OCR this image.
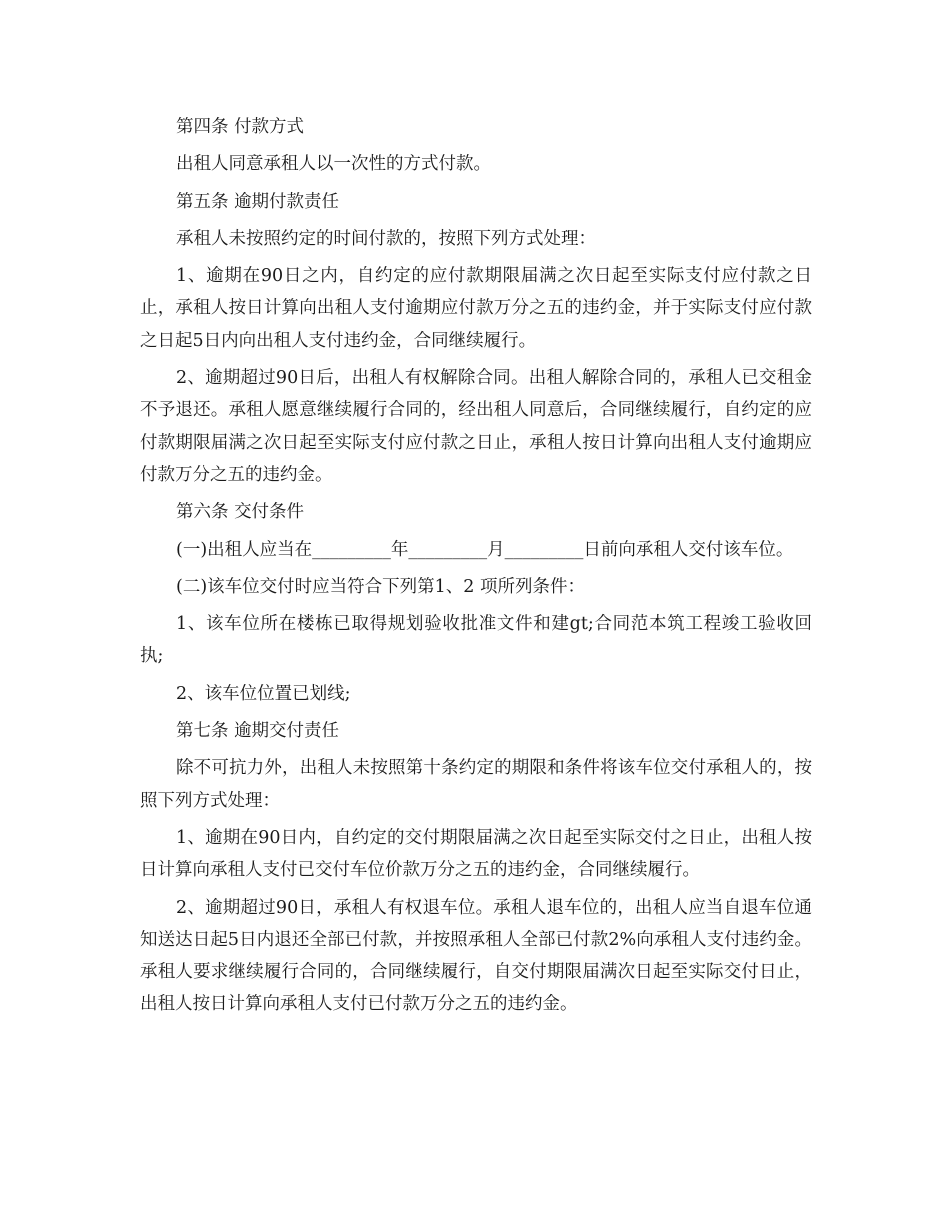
第四条 付款方式

出租人同意承租人以一次性的方式付款。

第五条 逾期付款责任

承租人未按照约定的时间付款的，按照下列方式处理：

1、逾期在90日之内，自约定的应付款期限届满之次日起至实际支付应付款之日止，承租人按日计算向出租人支付逾期应付款万分之五的违约金，并于实际支付应付款之日起5日内向出租人支付违约金，合同继续履行。

2、逾期超过90日后，出租人有权解除合同。出租人解除合同的，承租人已交租金不予退还。承租人愿意继续履行合同的，经出租人同意后，合同继续履行，自约定的应付款期限届满之次日起至实际支付应付款之日止，承租人按日计算向出租人支付逾期应付款万分之五的违约金。

第六条 交付条件

(一)出租人应当在_________年_________月_________日前向承租人交付该车位。

(二)该车位交付时应当符合下列第1、2 项所列条件：

1、该车位所在楼栋已取得规划验收批准文件和建gt;合同范本筑工程竣工验收回执;

2、该车位位置已划线;

第七条 逾期交付责任

除不可抗力外，出租人未按照第十条约定的期限和条件将该车位交付承租人的，按照下列方式处理：

1、逾期在90日内，自约定的交付期限届满之次日起至实际交付之日止，出租人按日计算向承租人支付已交付车位价款万分之五的违约金，合同继续履行。

2、逾期超过90日，承租人有权退车位。承租人退车位的，出租人应当自退车位通知送达日起5日内退还全部已付款，并按照承租人全部已付款2%向承租人支付违约金。承租人要求继续履行合同的，合同继续履行，自交付期限届满次日起至实际交付日止，出租人按日计算向承租人支付已付款万分之五的违约金。
